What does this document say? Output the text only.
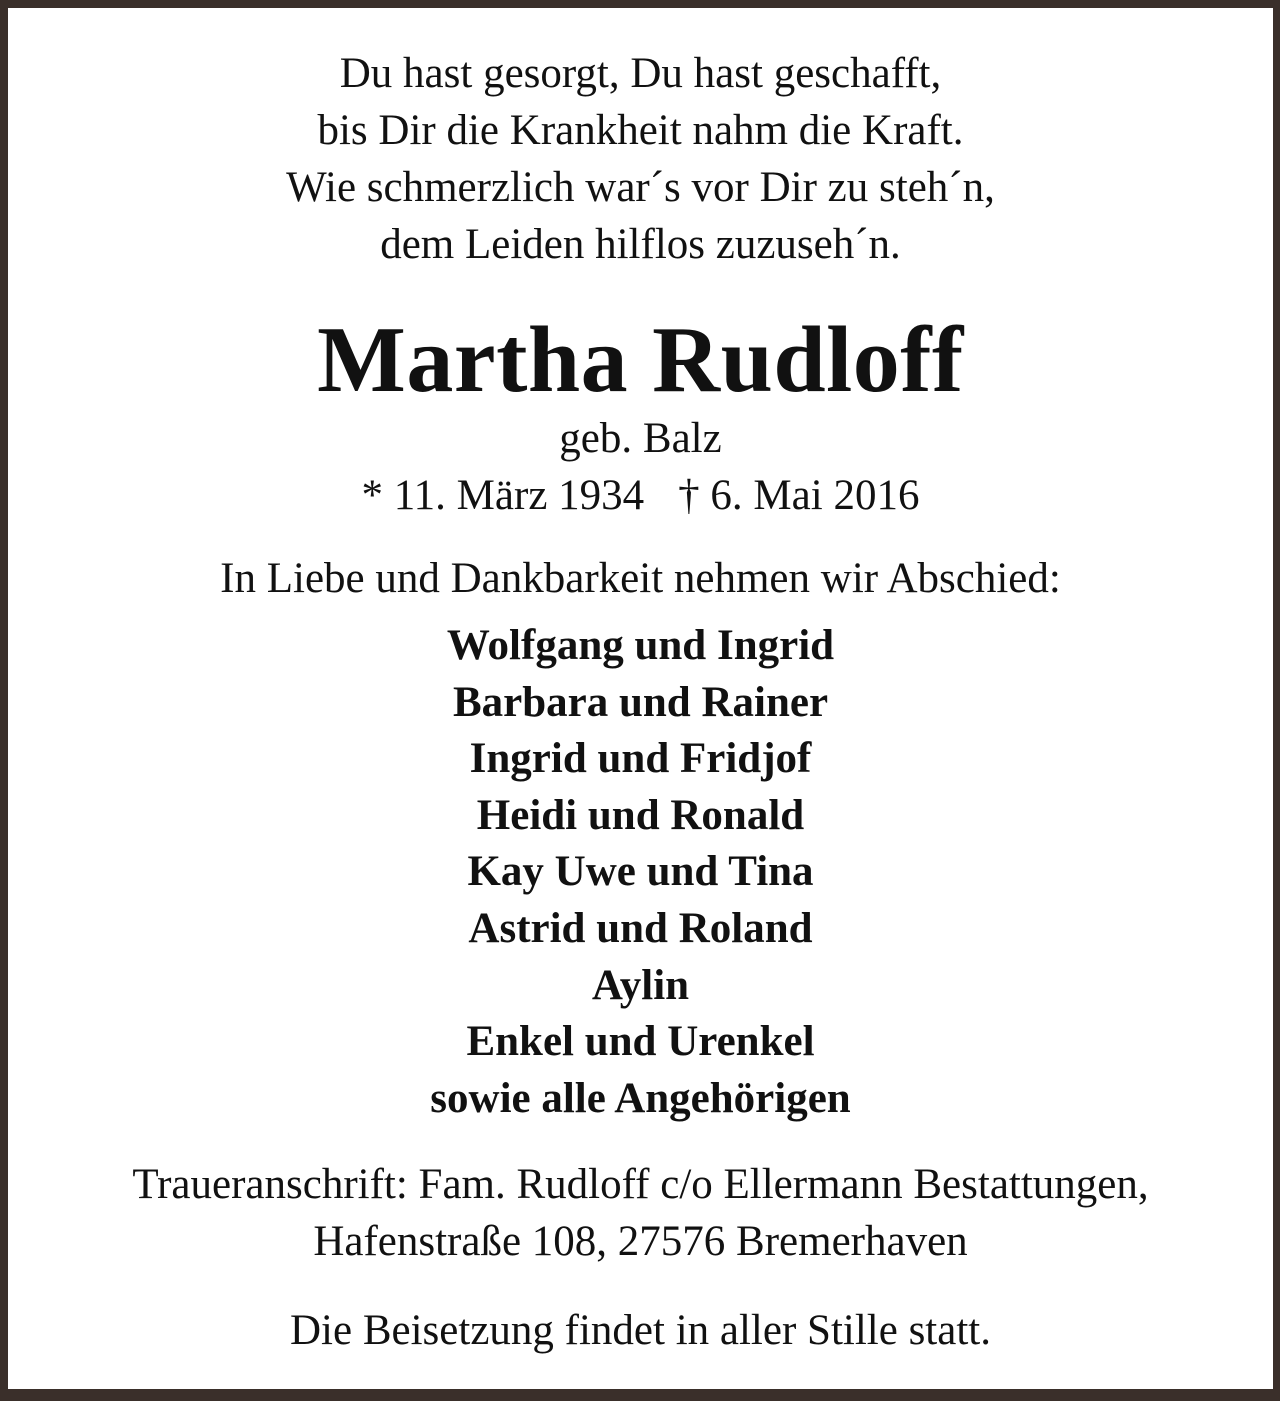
Du hast gesorgt, Du hast geschafft,
bis Dir die Krankheit nahm die Kraft.
Wie schmerzlich war´s vor Dir zu steh´n,
dem Leiden hilflos zuzuseh´n.
Martha Rudloff
geb. Balz
* 11. März 1934 † 6. Mai 2016
In Liebe und Dankbarkeit nehmen wir Abschied:
Wolfgang und Ingrid
Barbara und Rainer
Ingrid und Fridjof
Heidi und Ronald
Kay Uwe und Tina
Astrid und Roland
Aylin
Enkel und Urenkel
sowie alle Angehörigen
Traueranschrift: Fam. Rudloff c/o Ellermann Bestattungen,
Hafenstraße 108, 27576 Bremerhaven
Die Beisetzung findet in aller Stille statt.
